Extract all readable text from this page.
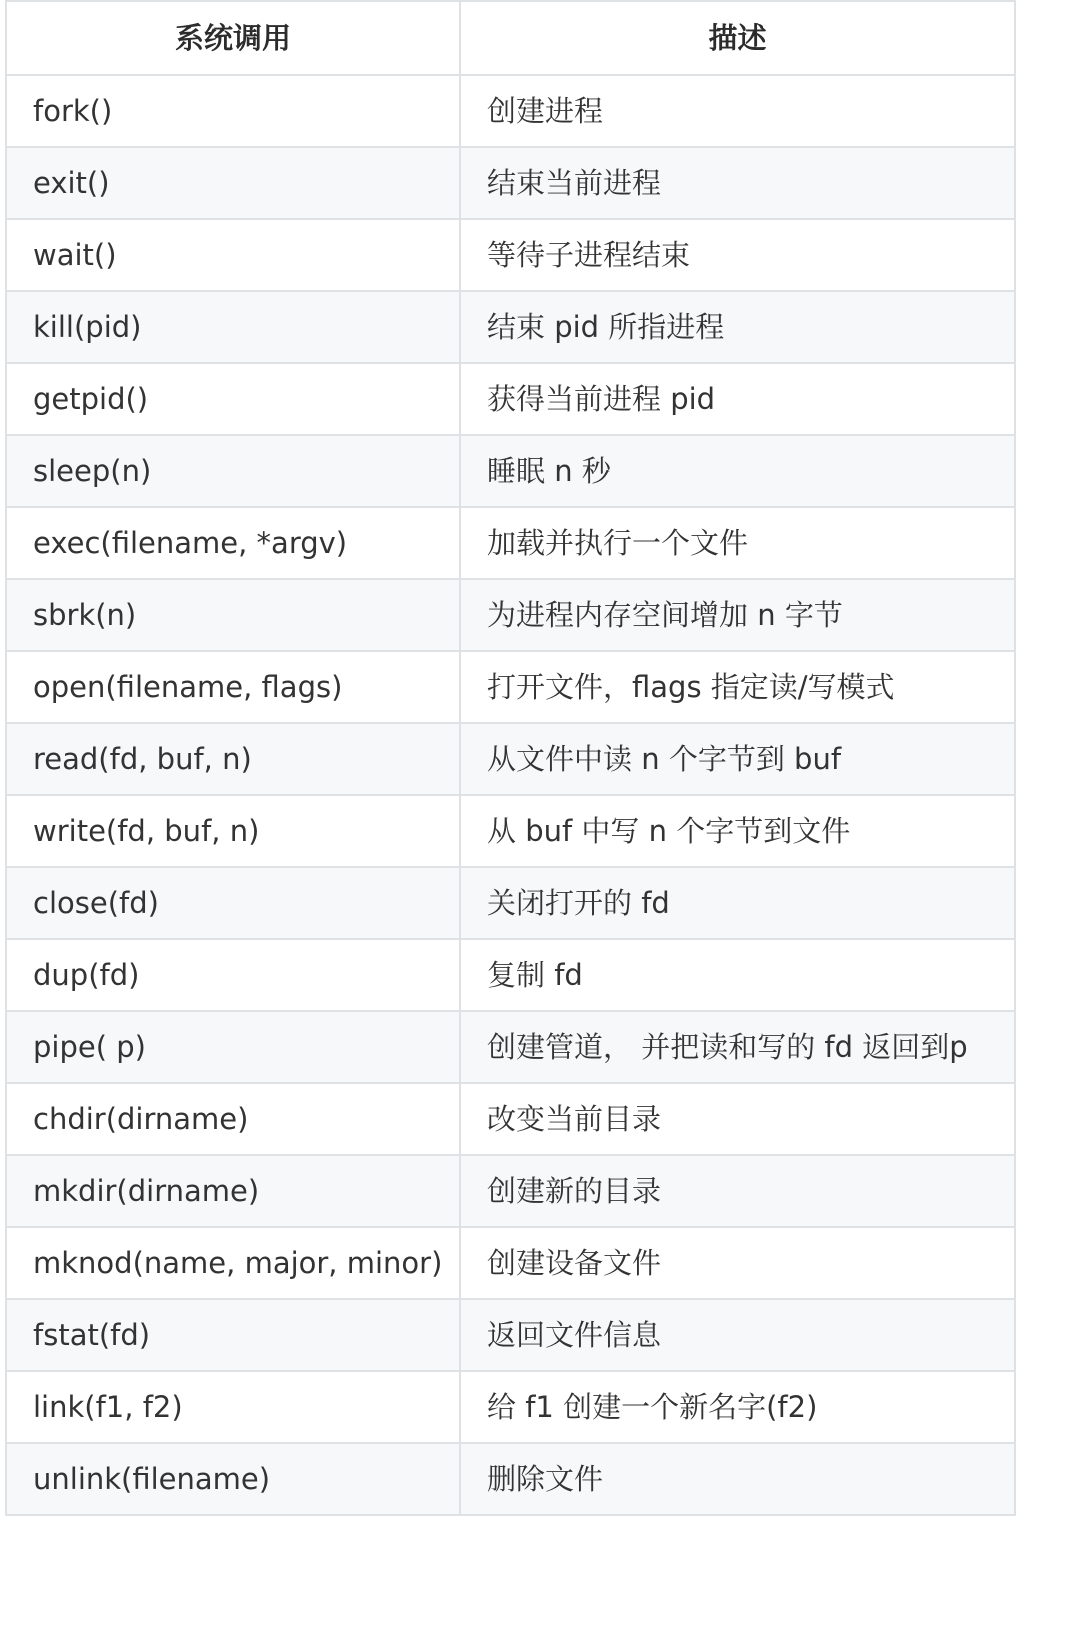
系统调用	描述
fork()	创建进程
exit()	结束当前进程
wait()	等待子进程结束
kill(pid)	结束 pid 所指进程
getpid()	获得当前进程 pid
sleep(n)	睡眠 n 秒
exec(filename, *argv)	加载并执行一个文件
sbrk(n)	为进程内存空间增加 n 字节
open(filename, flags)	打开文件，flags 指定读/写模式
read(fd, buf, n)	从文件中读 n 个字节到 buf
write(fd, buf, n)	从 buf 中写 n 个字节到文件
close(fd)	关闭打开的 fd
dup(fd)	复制 fd
pipe( p)	创建管道， 并把读和写的 fd 返回到p
chdir(dirname)	改变当前目录
mkdir(dirname)	创建新的目录
mknod(name, major, minor)	创建设备文件
fstat(fd)	返回文件信息
link(f1, f2)	给 f1 创建一个新名字(f2)
unlink(filename)	删除文件
